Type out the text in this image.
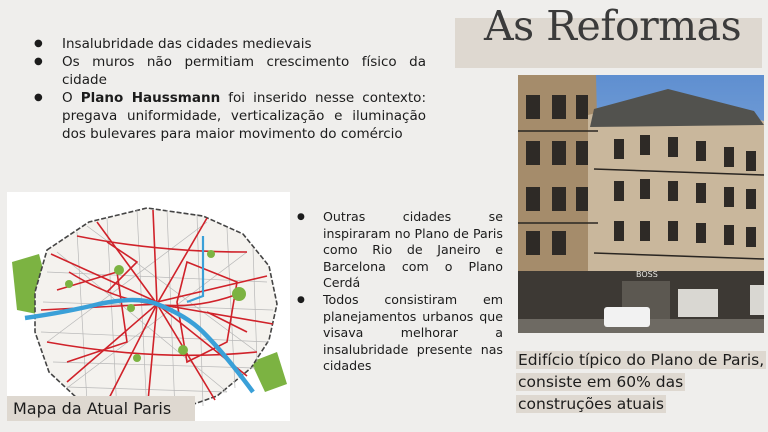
As Reformas
● Insalubridade das cidades medievais
● Os muros não permitiam crescimento físico da cidade
● O Plano Haussmann foi inserido nesse contexto: pregava uniformidade, verticalização e iluminação dos bulevares para maior movimento do comércio
Mapa da Atual Paris
● Outras cidades se inspiraram no Plano de Paris como Rio de Janeiro e Barcelona com o Plano Cerdá
● Todos consistiram em planejamentos urbanos que visava melhorar a insalubridade presente nas cidades
BOSS
Edifício típico do Plano de Paris, consiste em 60% das construções atuais
